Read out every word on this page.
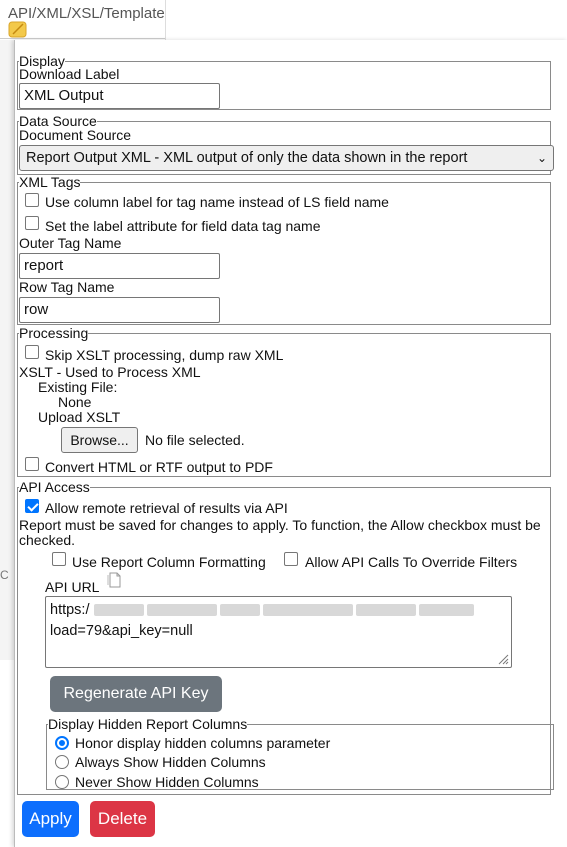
API/XML/XSL/Template
C
Display
Download Label
XML Output
Data Source
Document Source
Report Output XML - XML output of only the data shown in the report	⌄
XML Tags
Use column label for tag name instead of LS field name
Set the label attribute for field data tag name
Outer Tag Name
report
Row Tag Name
row
Processing
Skip XSLT processing, dump raw XML
XSLT - Used to Process XML
Existing File:
None
Upload XSLT
Browse...	No file selected.
Convert HTML or RTF output to PDF
API Access
Allow remote retrieval of results via API
Report must be saved for changes to apply. To function, the Allow checkbox must be checked.
Use Report Column Formatting	Allow API Calls To Override Filters
API URL
https:/
load=79&api_key=null
Regenerate API Key
Display Hidden Report Columns
Honor display hidden columns parameter
Always Show Hidden Columns
Never Show Hidden Columns
Apply	Delete
